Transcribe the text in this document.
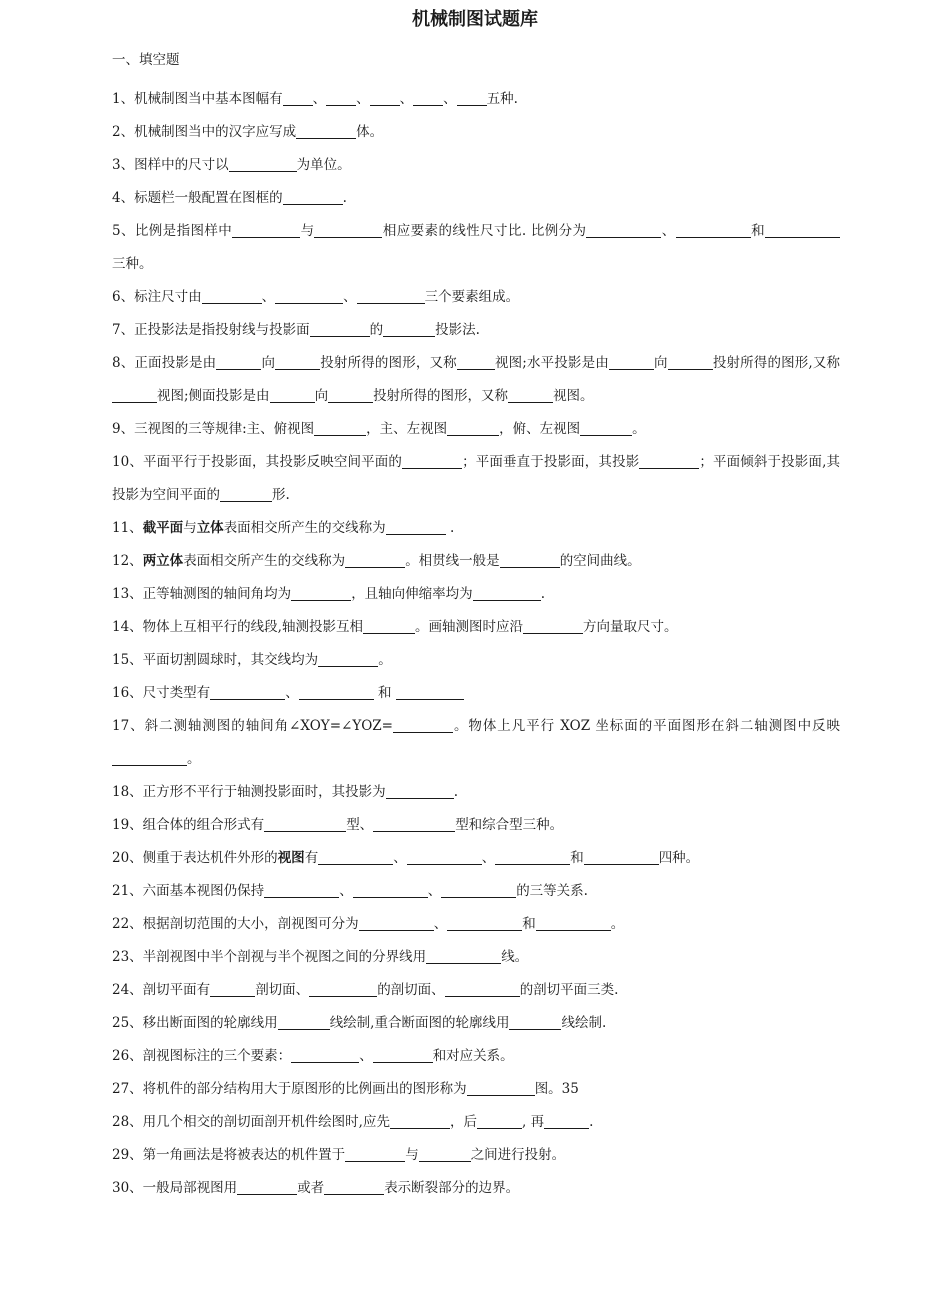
机械制图试题库
一、填空题

1、机械制图当中基本图幅有 、 、 、 、 五种.

2、机械制图当中的汉字应写成	体。

3、图样中的尺寸以	为单位。

4、标题栏一般配置在图框的	.

5、比例是指图样中	与	相应要素的线性尺寸比. 比例分为	、	和三种。

6、标注尺寸由	、	、	三个要素组成。

7、正投影法是指投射线与投影面	的	投影法.

8、正面投影是由	向	投射所得的图形，又称	视图;水平投影是由	向	投射所得的图形,又称视图;侧面投影是由	向	投射所得的图形，又称	视图。

9、三视图的三等规律:主、俯视图	，主、左视图	，俯、左视图	。

10、平面平行于投影面，其投影反映空间平面的	；平面垂直于投影面，其投影	；平面倾斜于投影面,其投影为空间平面的	形.

11、截平面与立体表面相交所产生的交线称为	.

12、两立体表面相交所产生的交线称为	。相贯线一般是	的空间曲线。

13、正等轴测图的轴间角均为	，且轴向伸缩率均为	.

14、物体上互相平行的线段,轴测投影互相	。画轴测图时应沿	方向量取尺寸。

15、平面切割圆球时，其交线均为	。

16、尺寸类型有	、	和

17、斜二测轴测图的轴间角∠XOY=∠YOZ=	。物体上凡平行 XOZ 坐标面的平面图形在斜二轴测图中反映。

18、正方形不平行于轴测投影面时，其投影为	.

19、组合体的组合形式有	型、	型和综合型三种。

20、侧重于表达机件外形的视图有	、	、	和	四种。

21、六面基本视图仍保持	、	、	的三等关系.

22、根据剖切范围的大小，剖视图可分为	、	和	。

23、半剖视图中半个剖视与半个视图之间的分界线用	线。

24、剖切平面有	剖切面、	的剖切面、	的剖切平面三类.

25、移出断面图的轮廓线用	线绘制,重合断面图的轮廓线用	线绘制.

26、剖视图标注的三个要素：	、	和对应关系。

27、将机件的部分结构用大于原图形的比例画出的图形称为	图。35

28、用几个相交的剖切面剖开机件绘图时,应先	，后	, 再	.

29、第一角画法是将被表达的机件置于	与	之间进行投射。

30、一般局部视图用	或者	表示断裂部分的边界。
